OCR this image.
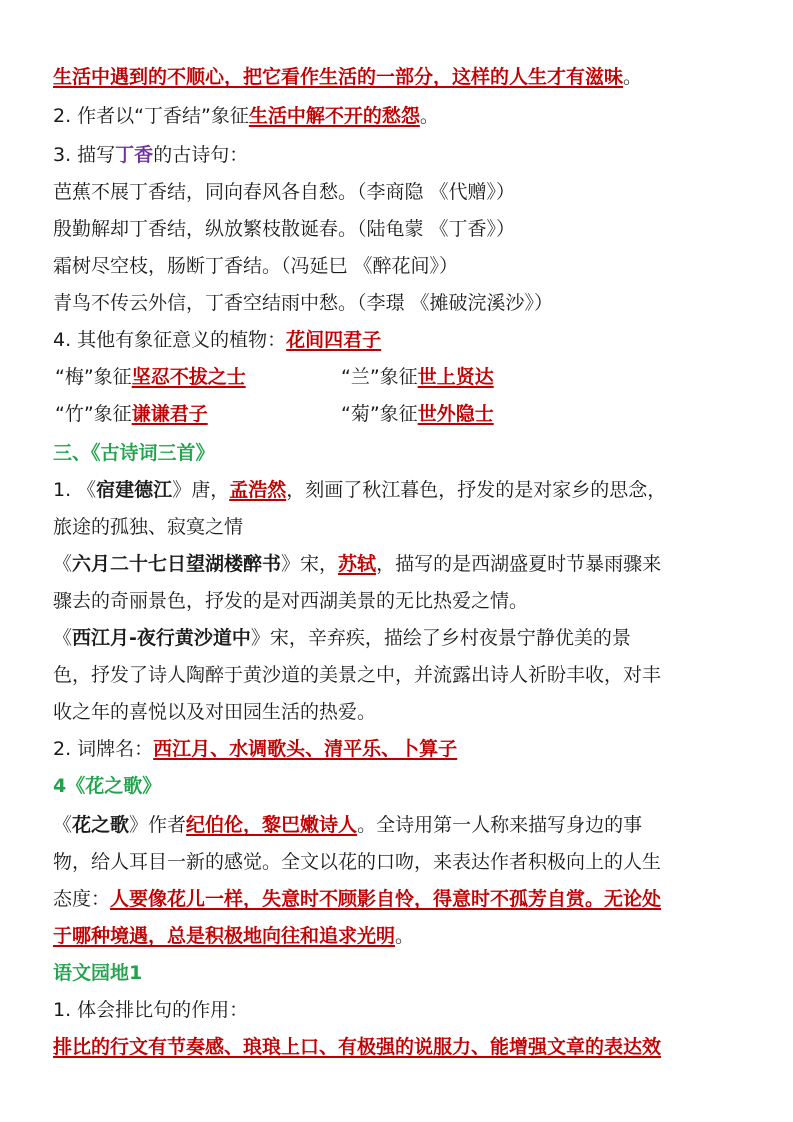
生活中遇到的不顺心，把它看作生活的一部分，这样的人生才有滋味。
2. 作者以“丁香结”象征生活中解不开的愁怨。
3. 描写丁香的古诗句：
芭蕉不展丁香结，同向春风各自愁。（李商隐 《代赠》）
殷勤解却丁香结，纵放繁枝散诞春。（陆龟蒙 《丁香》）
霜树尽空枝，肠断丁香结。（冯延巳 《醉花间》）
青鸟不传云外信，丁香空结雨中愁。（李璟 《摊破浣溪沙》）
4. 其他有象征意义的植物：花间四君子
“梅”象征坚忍不拔之士	“兰”象征世上贤达
“竹”象征谦谦君子	“菊”象征世外隐士
三、《古诗词三首》
1. 《宿建德江》唐，孟浩然，刻画了秋江暮色，抒发的是对家乡的思念，
旅途的孤独、寂寞之情
《六月二十七日望湖楼醉书》宋，苏轼，描写的是西湖盛夏时节暴雨骤来
骤去的奇丽景色，抒发的是对西湖美景的无比热爱之情。
《西江月-夜行黄沙道中》宋，辛弃疾，描绘了乡村夜景宁静优美的景
色，抒发了诗人陶醉于黄沙道的美景之中，并流露出诗人祈盼丰收，对丰
收之年的喜悦以及对田园生活的热爱。
2. 词牌名：西江月、水调歌头、清平乐、卜算子
4《花之歌》
《花之歌》作者纪伯伦，黎巴嫩诗人。全诗用第一人称来描写身边的事
物，给人耳目一新的感觉。全文以花的口吻，来表达作者积极向上的人生
态度：人要像花儿一样，失意时不顾影自怜，得意时不孤芳自赏。无论处
于哪种境遇，总是积极地向往和追求光明。
语文园地1
1. 体会排比句的作用：
排比的行文有节奏感、琅琅上口、有极强的说服力、能增强文章的表达效
